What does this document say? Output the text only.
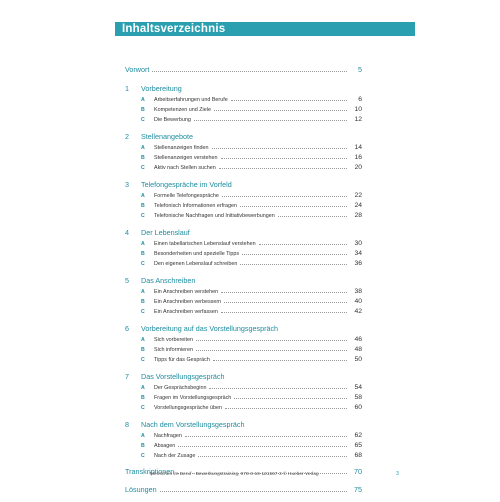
Inhaltsverzeichnis
Vorwort	5
1	Vorbereitung
A	Arbeitserfahrungen und Berufe	6
B	Kompetenzen und Ziele	10
C	Die Bewerbung	12
2	Stellenangebote
A	Stellenanzeigen finden	14
B	Stellenanzeigen verstehen	16
C	Aktiv nach Stellen suchen	20
3	Telefongespräche im Vorfeld
A	Formelle Telefongespräche	22
B	Telefonisch Informationen erfragen	24
C	Telefonische Nachfragen und Initiativbewerbungen	28
4	Der Lebenslauf
A	Einen tabellarischen Lebenslauf verstehen	30
B	Besonderheiten und spezielle Tipps	34
C	Den eigenen Lebenslauf schreiben	36
5	Das Anschreiben
A	Ein Anschreiben verstehen	38
B	Ein Anschreiben verbessern	40
C	Ein Anschreiben verfassen	42
6	Vorbereitung auf das Vorstellungsgespräch
A	Sich vorbereiten	46
B	Sich informieren	48
C	Tipps für das Gespräch	50
7	Das Vorstellungsgespräch
A	Der Gesprächsbeginn	54
B	Fragen im Vorstellungsgespräch	58
C	Vorstellungsgespräche üben	60
8	Nach dem Vorstellungsgespräch
A	Nachfragen	62
B	Absagen	65
C	Nach der Zusage	68
Transkriptionen	70
Lösungen	75
Menschen im Beruf - Bewerbungstraining, 978-3-19-121567-3 © Hueber Verlag	3
